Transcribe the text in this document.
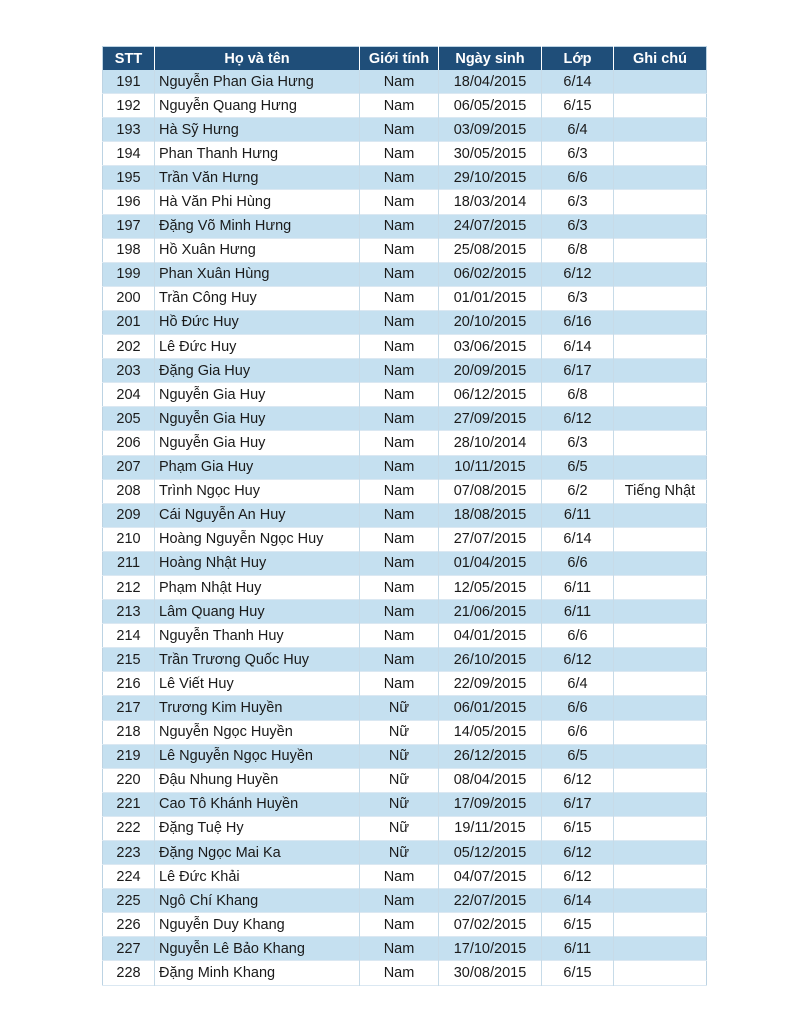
STT	Họ và tên	Giới tính	Ngày sinh	Lớp	Ghi chú
191	Nguyễn Phan Gia Hưng	Nam	18/04/2015	6/14	
192	Nguyễn Quang Hưng	Nam	06/05/2015	6/15	
193	Hà Sỹ Hưng	Nam	03/09/2015	6/4	
194	Phan Thanh Hưng	Nam	30/05/2015	6/3	
195	Trần Văn Hưng	Nam	29/10/2015	6/6	
196	Hà Văn Phi Hùng	Nam	18/03/2014	6/3	
197	Đặng Võ Minh Hưng	Nam	24/07/2015	6/3	
198	Hồ Xuân Hưng	Nam	25/08/2015	6/8	
199	Phan Xuân Hùng	Nam	06/02/2015	6/12	
200	Trần Công Huy	Nam	01/01/2015	6/3	
201	Hồ Đức Huy	Nam	20/10/2015	6/16	
202	Lê Đức Huy	Nam	03/06/2015	6/14	
203	Đặng Gia Huy	Nam	20/09/2015	6/17	
204	Nguyễn Gia Huy	Nam	06/12/2015	6/8	
205	Nguyễn Gia Huy	Nam	27/09/2015	6/12	
206	Nguyễn Gia Huy	Nam	28/10/2014	6/3	
207	Phạm Gia Huy	Nam	10/11/2015	6/5	
208	Trình Ngọc Huy	Nam	07/08/2015	6/2	Tiếng Nhật
209	Cái Nguyễn An Huy	Nam	18/08/2015	6/11	
210	Hoàng Nguyễn Ngọc Huy	Nam	27/07/2015	6/14	
211	Hoàng Nhật Huy	Nam	01/04/2015	6/6	
212	Phạm Nhật Huy	Nam	12/05/2015	6/11	
213	Lâm Quang Huy	Nam	21/06/2015	6/11	
214	Nguyễn Thanh Huy	Nam	04/01/2015	6/6	
215	Trần Trương Quốc Huy	Nam	26/10/2015	6/12	
216	Lê Viết Huy	Nam	22/09/2015	6/4	
217	Trương Kim Huyền	Nữ	06/01/2015	6/6	
218	Nguyễn Ngọc Huyền	Nữ	14/05/2015	6/6	
219	Lê Nguyễn Ngọc Huyền	Nữ	26/12/2015	6/5	
220	Đậu Nhung Huyền	Nữ	08/04/2015	6/12	
221	Cao Tô Khánh Huyền	Nữ	17/09/2015	6/17	
222	Đặng Tuệ Hy	Nữ	19/11/2015	6/15	
223	Đặng Ngọc Mai Ka	Nữ	05/12/2015	6/12	
224	Lê Đức Khải	Nam	04/07/2015	6/12	
225	Ngô Chí Khang	Nam	22/07/2015	6/14	
226	Nguyễn Duy Khang	Nam	07/02/2015	6/15	
227	Nguyễn Lê Bảo Khang	Nam	17/10/2015	6/11	
228	Đặng Minh Khang	Nam	30/08/2015	6/15	
